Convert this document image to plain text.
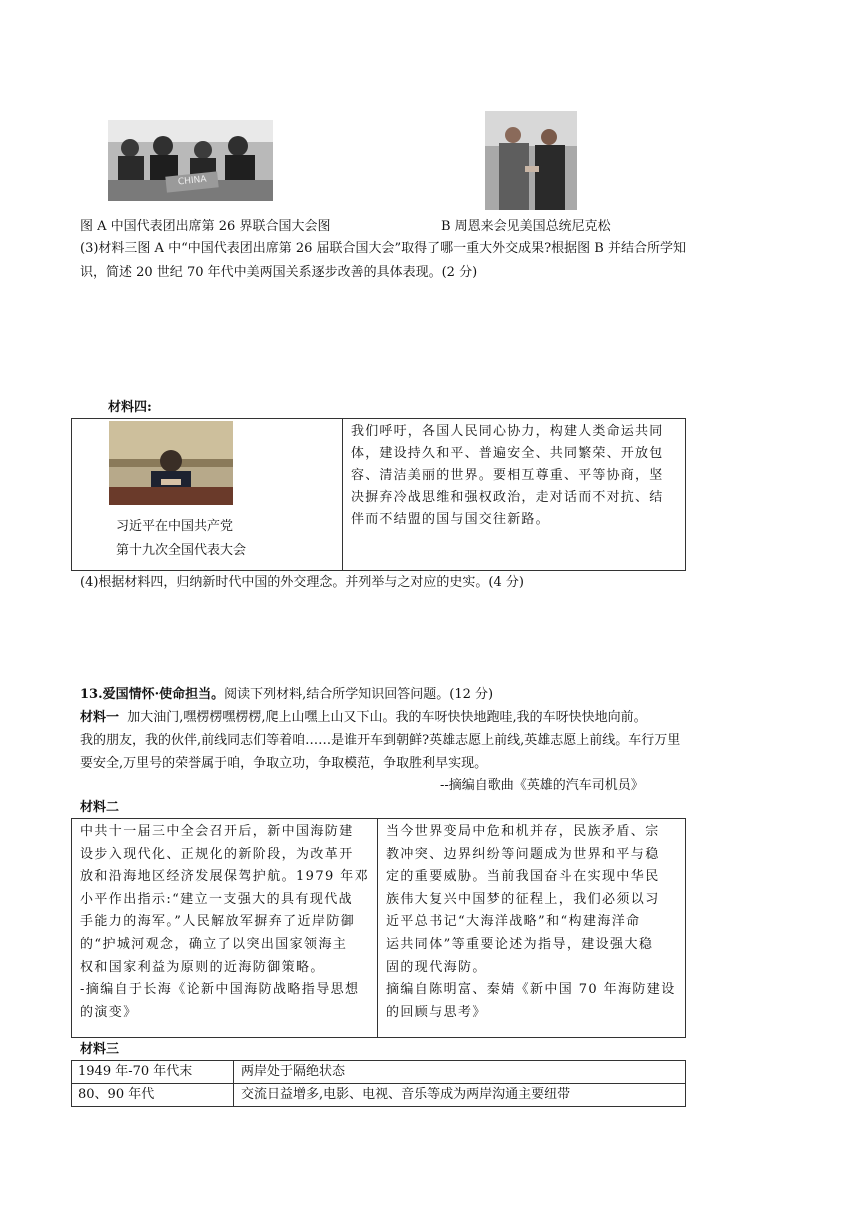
CHINA
图 A 中国代表团出席第 26 界联合国大会图	B 周恩来会见美国总统尼克松
(3)材料三图 A 中“中国代表团出席第 26 届联合国大会”取得了哪一重大外交成果?根据图 B 并结合所学知
识，简述 20 世纪 70 年代中美两国关系逐步改善的具体表现。(2 分)
材料四:
习近平在中国共产党
第十九次全国代表大会

我们呼吁，各国人民同心协力，构建人类命运共同
体，建设持久和平、普遍安全、共同繁荣、开放包
容、清洁美丽的世界。要相互尊重、平等协商，坚
决摒弃冷战思维和强权政治，走对话而不对抗、结
伴而不结盟的国与国交往新路。
(4)根据材料四，归纳新时代中国的外交理念。并列举与之对应的史实。(4 分)
13.爱国情怀·使命担当。阅读下列材料,结合所学知识回答问题。(12 分)
材料一 加大油门,嘿楞楞嘿楞楞,爬上山嘿上山又下山。我的车呀快快地跑哇,我的车呀快快地向前。
我的朋友，我的伙伴,前线同志们等着咱……是谁开车到朝鲜?英雄志愿上前线,英雄志愿上前线。车行万里
要安全,万里号的荣誉属于咱，争取立功，争取模范，争取胜利早实现。
--摘编自歌曲《英雄的汽车司机员》
材料二
中共十一届三中全会召开后，新中国海防建
设步入现代化、正规化的新阶段，为改革开
放和沿海地区经济发展保驾护航。1979 年邓
小平作出指示:“建立一支强大的具有现代战
手能力的海军。”人民解放军摒弃了近岸防御
的“护城河观念，确立了以突出国家领海主
权和国家利益为原则的近海防御策略。
-摘编自于长海《论新中国海防战略指导思想
的演变》

当今世界变局中危和机并存，民族矛盾、宗
教冲突、边界纠纷等问题成为世界和平与稳
定的重要威胁。当前我国奋斗在实现中华民
族伟大复兴中国梦的征程上，我们必须以习
近平总书记“大海洋战略”和“构建海洋命
运共同体”等重要论述为指导，建设强大稳
固的现代海防。
摘编自陈明富、秦婧《新中国 70 年海防建设
的回顾与思考》
材料三
1949 年-70 年代末	两岸处于隔绝状态
80、90 年代	交流日益增多,电影、电视、音乐等成为两岸沟通主要纽带
